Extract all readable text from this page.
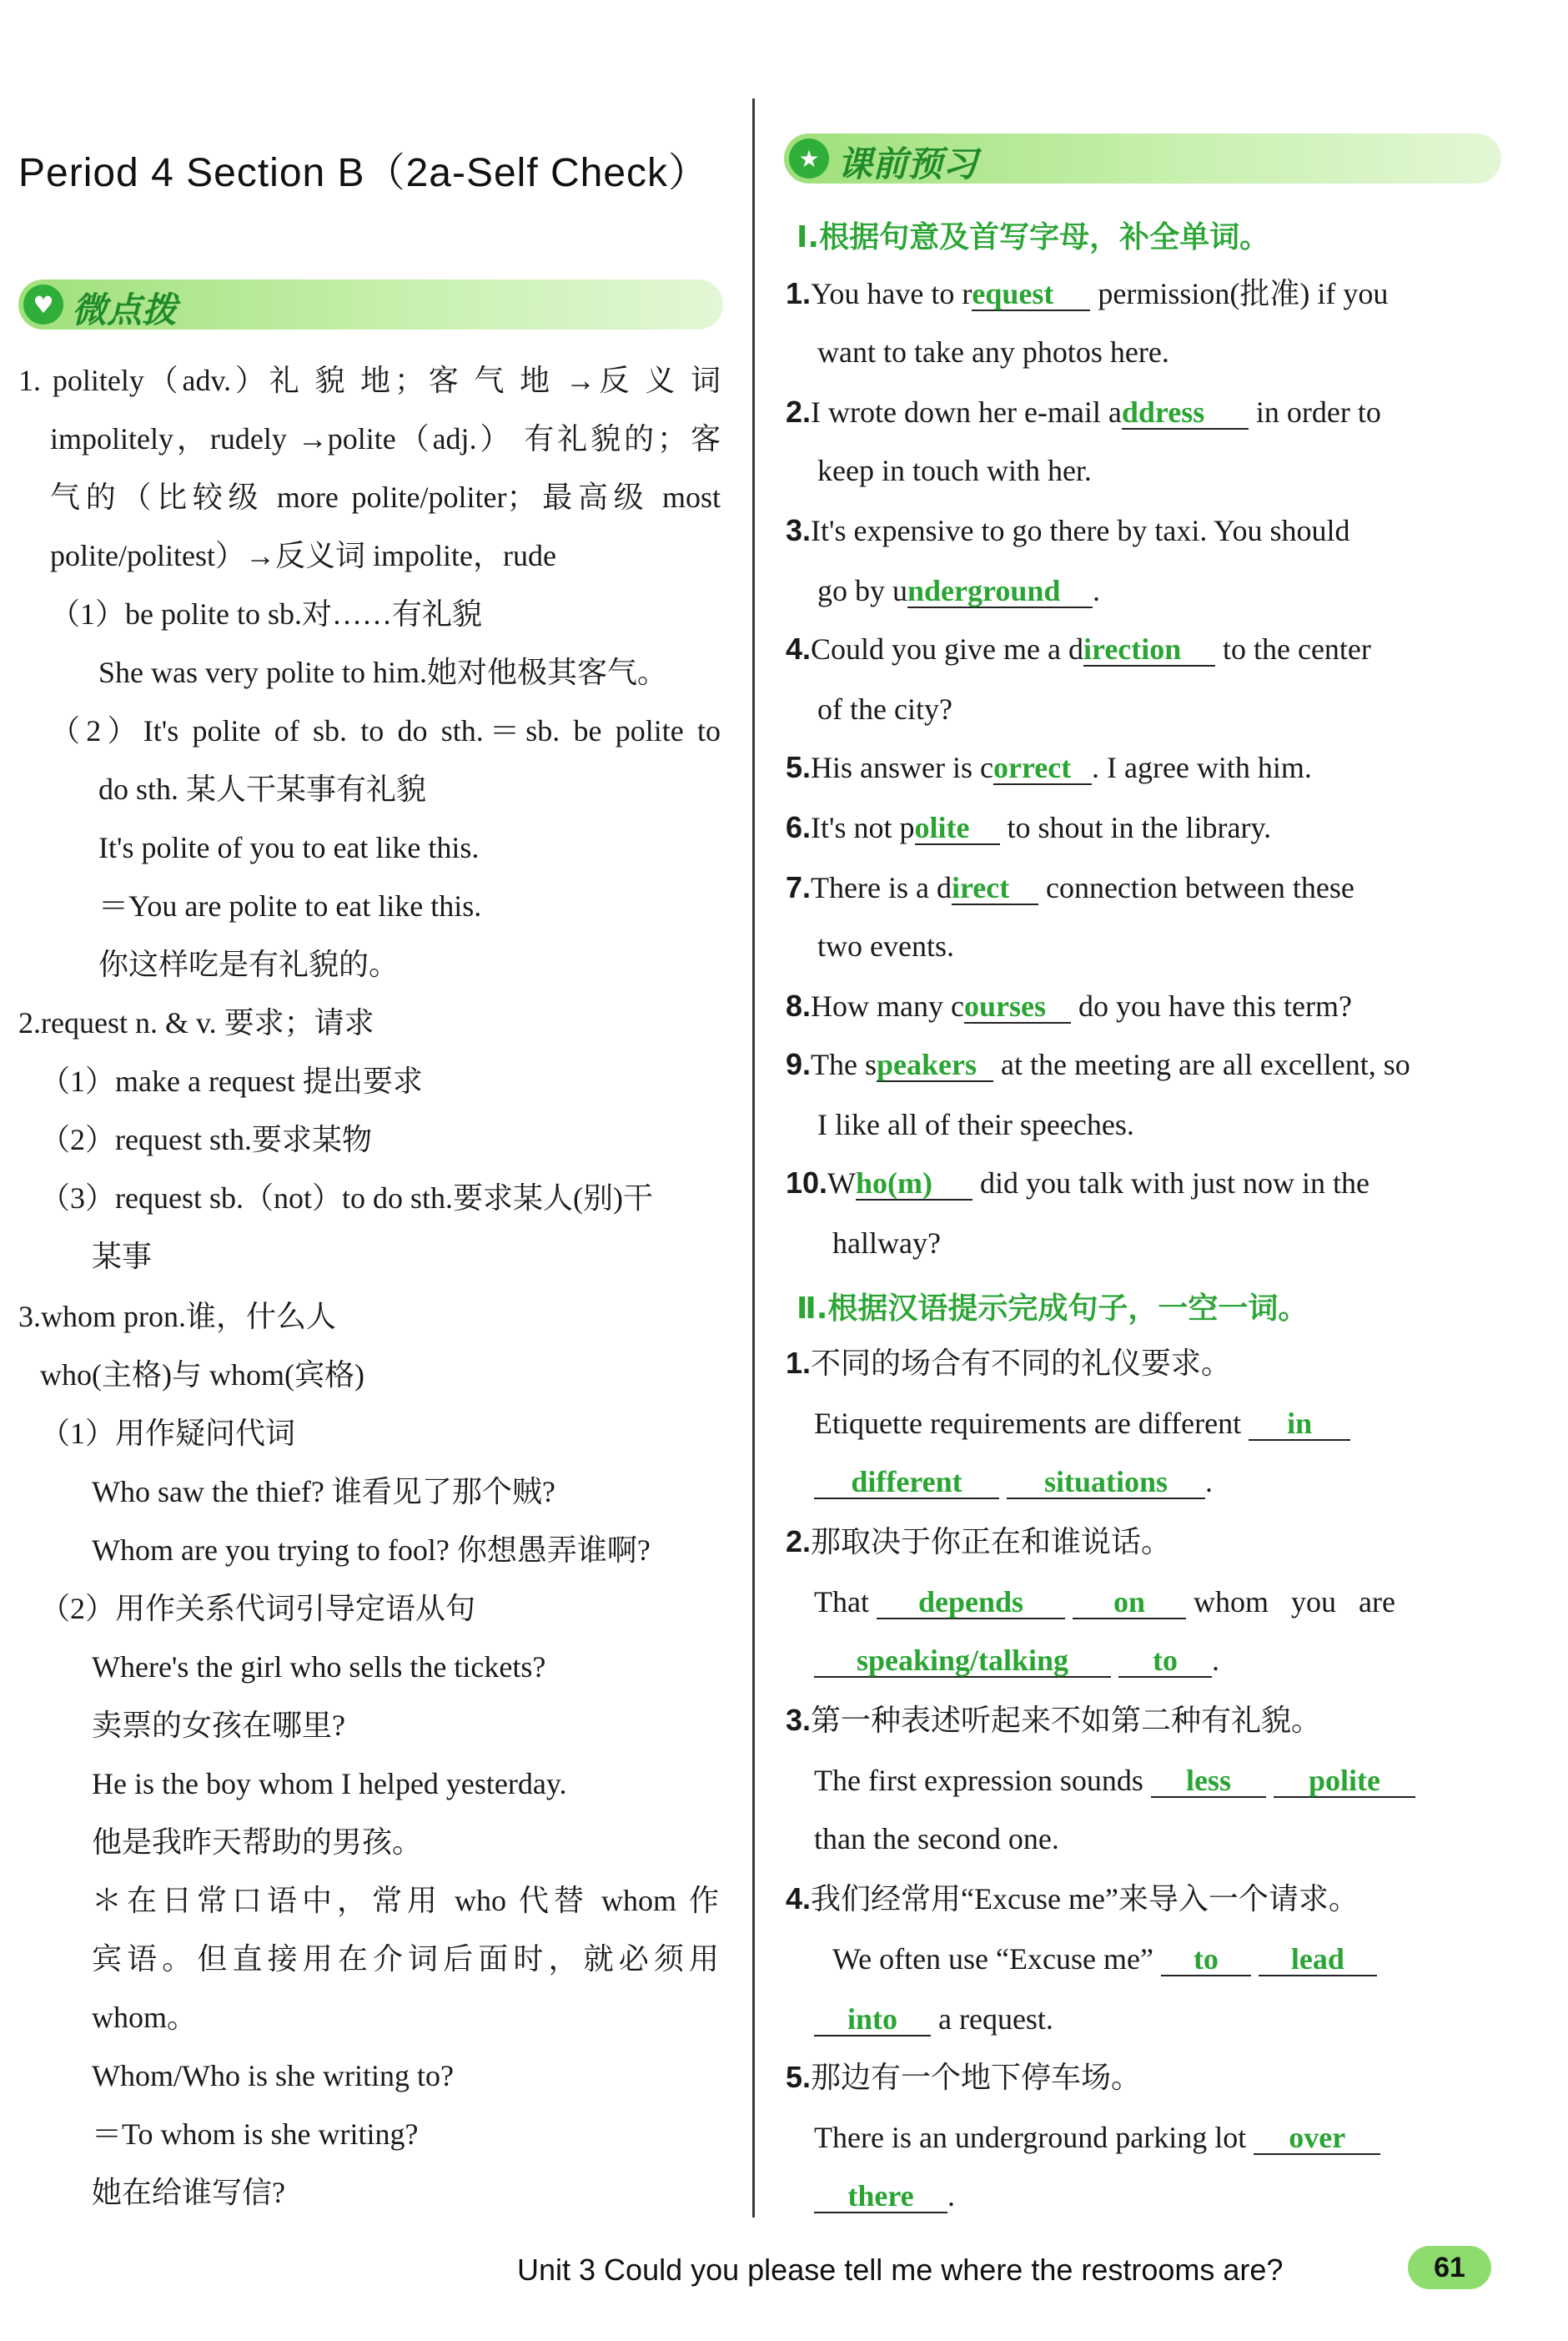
Period 4 Section B（2a-Self Check）
♥ 微点拨
1. politely（adv.）礼 貌 地；客 气 地 →反 义 词
impolitely，rudely →polite（adj.） 有礼貌的；客
气的（比较级 more polite/politer；最高级 most
polite/politest）→反义词 impolite，rude
（1）be polite to sb.对……有礼貌
She was very polite to him.她对他极其客气。
（2）It's polite of sb. to do sth.＝sb. be polite to
do sth. 某人干某事有礼貌
It's polite of you to eat like this.
＝You are polite to eat like this.
你这样吃是有礼貌的。
2.request n. & v. 要求；请求
（1）make a request 提出要求
（2）request sth.要求某物
（3）request sb.（not）to do sth.要求某人(别)干
某事
3.whom pron.谁，什么人
who(主格)与 whom(宾格)
（1）用作疑问代词
Who saw the thief? 谁看见了那个贼?
Whom are you trying to fool? 你想愚弄谁啊?
（2）用作关系代词引导定语从句
Where's the girl who sells the tickets?
卖票的女孩在哪里?
He is the boy whom I helped yesterday.
他是我昨天帮助的男孩。
＊在日常口语中，常用 who 代替 whom 作
宾语。但直接用在介词后面时，就必须用
whom。
Whom/Who is she writing to?
＝To whom is she writing?
她在给谁写信?
★ 课前预习
Ⅰ.根据句意及首写字母，补全单词。
1.You have to request permission(批准) if you
want to take any photos here.
2.I wrote down her e-mail address in order to
keep in touch with her.
3.It's expensive to go there by taxi. You should
go by underground .
4.Could you give me a direction to the center
of the city?
5.His answer is correct . I agree with him.
6.It's not polite to shout in the library.
7.There is a direct connection between these
two events.
8.How many courses do you have this term?
9.The speakers at the meeting are all excellent, so
I like all of their speeches.
10.Who(m) did you talk with just now in the
hallway?
Ⅱ.根据汉语提示完成句子，一空一词。
1.不同的场合有不同的礼仪要求。
Etiquette requirements are different in
different	situations .
2.那取决于你正在和谁说话。
That depends	on whom you are
speaking/talking	to .
3.第一种表述听起来不如第二种有礼貌。
The first expression sounds less	polite
than the second one.
4.我们经常用“Excuse me”来导入一个请求。
We often use “Excuse me” to lead
into a request.
5.那边有一个地下停车场。
There is an underground parking lot over
there .
Unit 3 Could you please tell me where the restrooms are?	61
